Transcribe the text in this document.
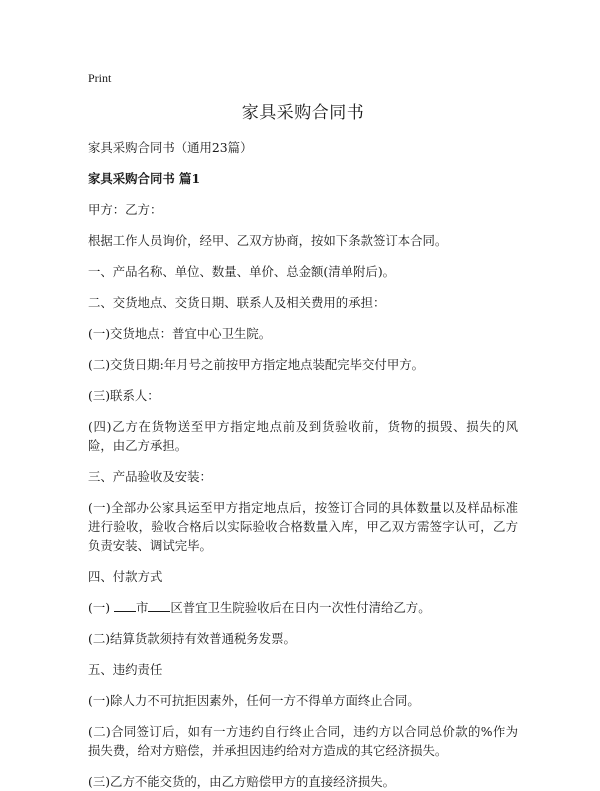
Print
家具采购合同书

家具采购合同书（通用23篇）

家具采购合同书 篇1

甲方：乙方：

根据工作人员询价，经甲、乙双方协商，按如下条款签订本合同。

一、产品名称、单位、数量、单价、总金额(清单附后)。

二、交货地点、交货日期、联系人及相关费用的承担：

(一)交货地点：普宜中心卫生院。

(二)交货日期:年月号之前按甲方指定地点装配完毕交付甲方。

(三)联系人：

(四)乙方在货物送至甲方指定地点前及到货验收前，货物的损毁、损失的风险，由乙方承担。

三、产品验收及安装：

(一)全部办公家具运至甲方指定地点后，按签订合同的具体数量以及样品标准进行验收，验收合格后以实际验收合格数量入库，甲乙双方需签字认可，乙方负责安装、调试完毕。

四、付款方式

(一) 市 区普宜卫生院验收后在日内一次性付清给乙方。

(二)结算货款须持有效普通税务发票。

五、违约责任

(一)除人力不可抗拒因素外，任何一方不得单方面终止合同。

(二)合同签订后，如有一方违约自行终止合同，违约方以合同总价款的%作为损失费，给对方赔偿，并承担因违约给对方造成的其它经济损失。

(三)乙方不能交货的，由乙方赔偿甲方的直接经济损失。
